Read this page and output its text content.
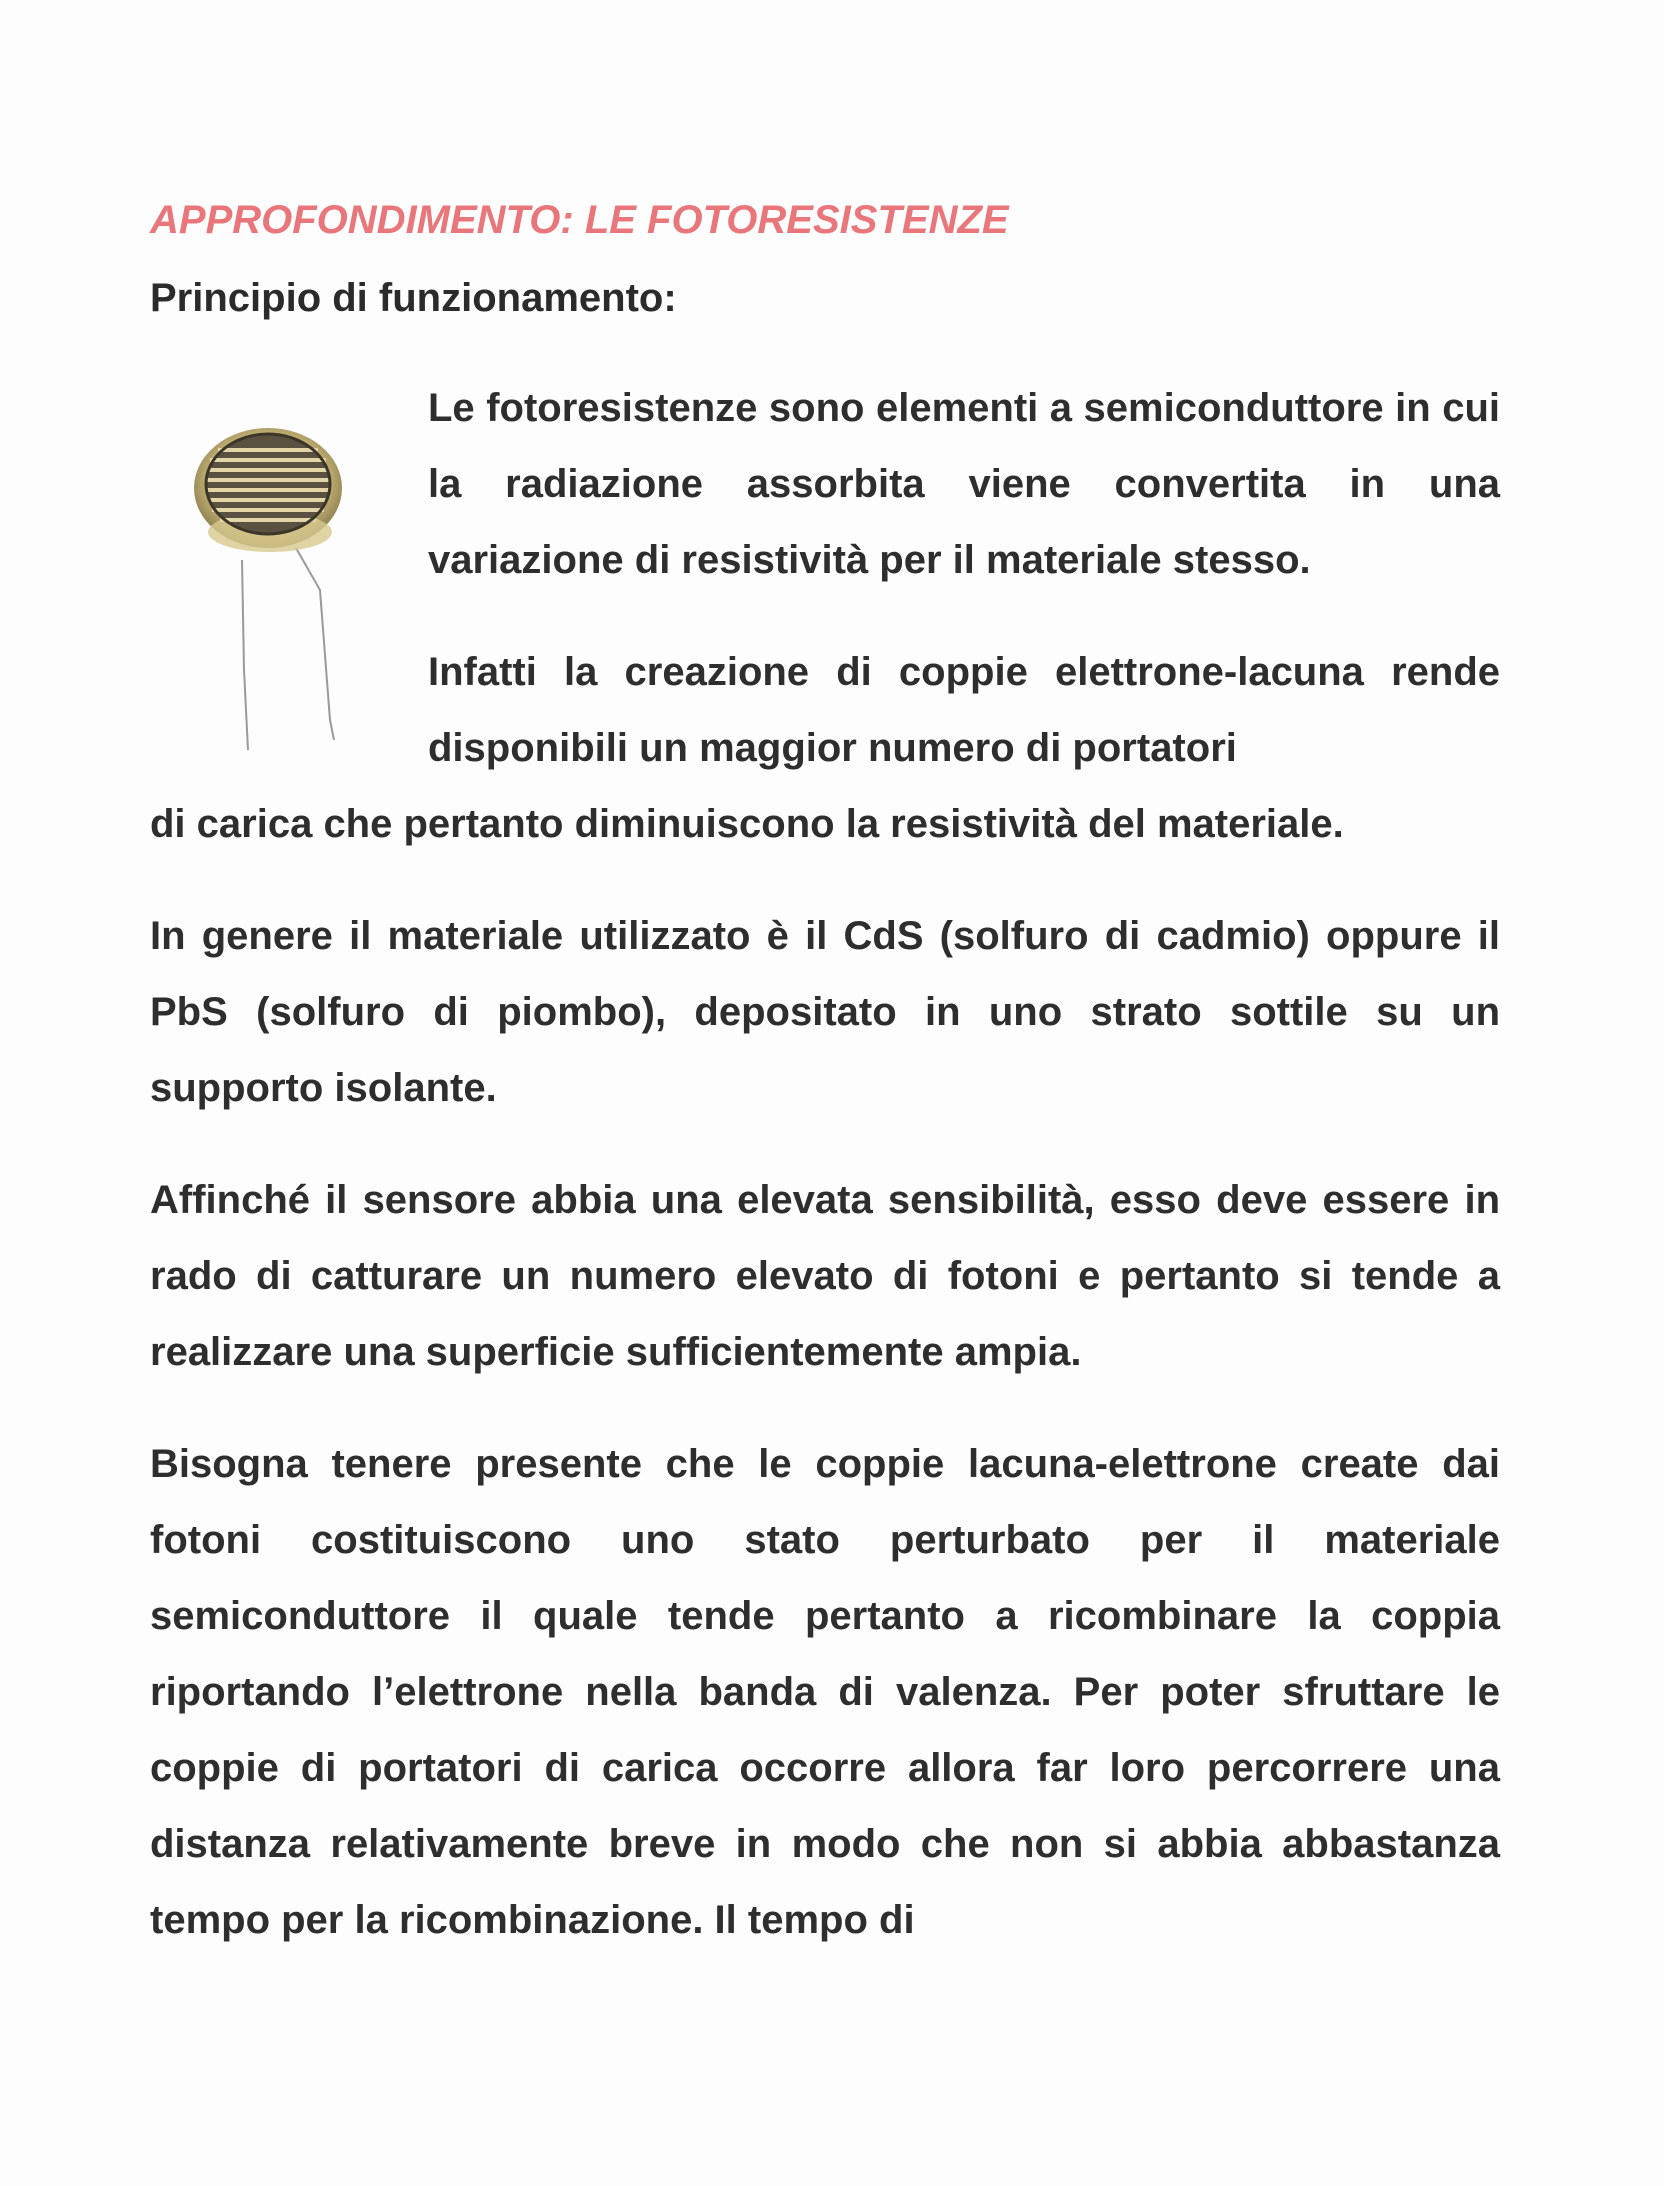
APPROFONDIMENTO: LE FOTORESISTENZE
Principio di funzionamento:

Le fotoresistenze sono elementi a semiconduttore in cui la radiazione assorbita viene convertita in una variazione di resistività per il materiale stesso.

Infatti la creazione di coppie elettrone-lacuna rende disponibili un maggior numero di portatori

di carica che pertanto diminuiscono la resistività del materiale.

In genere il materiale utilizzato è il CdS (solfuro di cadmio) oppure il PbS (solfuro di piombo), depositato in uno strato sottile su un supporto isolante.

Affinché il sensore abbia una elevata sensibilità, esso deve essere in rado di catturare un numero elevato di fotoni e pertanto si tende a realizzare una superficie sufficientemente ampia.

Bisogna tenere presente che le coppie lacuna-elettrone create dai fotoni costituiscono uno stato perturbato per il materiale semiconduttore il quale tende pertanto a ricombinare la coppia riportando l’elettrone nella banda di valenza. Per poter sfruttare le coppie di portatori di carica occorre allora far loro percorrere una distanza relativamente breve in modo che non si abbia abbastanza tempo per la ricombinazione. Il tempo di
